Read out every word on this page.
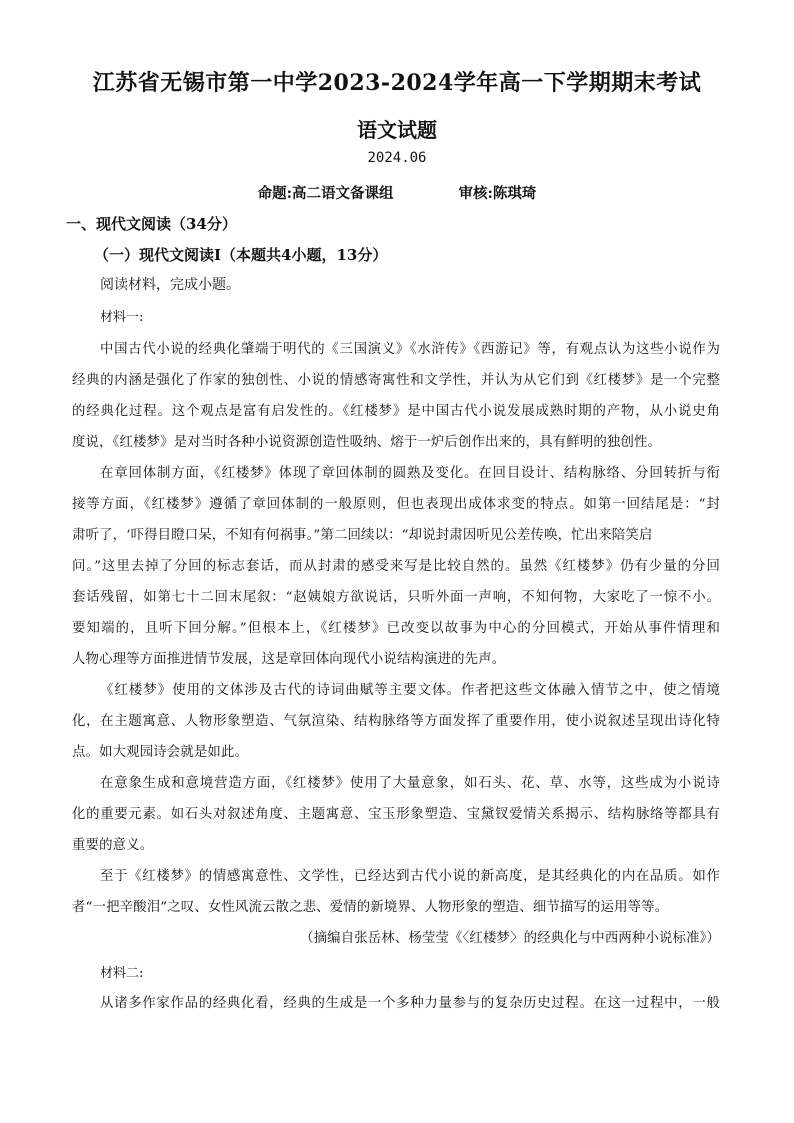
江苏省无锡市第一中学2023-2024学年高一下学期期末考试
语文试题
2024.06
命题:高二语文备课组	审核:陈琪琦
一、现代文阅读（34分）
（一）现代文阅读Ⅰ（本题共4小题，13分）
阅读材料，完成小题。
材料一:
中国古代小说的经典化肇端于明代的《三国演义》《水浒传》《西游记》等，有观点认为这些小说作为
经典的内涵是强化了作家的独创性、小说的情感寄寓性和文学性，并认为从它们到《红楼梦》是一个完整
的经典化过程。这个观点是富有启发性的。《红楼梦》是中国古代小说发展成熟时期的产物，从小说史角
度说，《红楼梦》是对当时各种小说资源创造性吸纳、熔于一炉后创作出来的，具有鲜明的独创性。
在章回体制方面，《红楼梦》体现了章回体制的圆熟及变化。在回目设计、结构脉络、分回转折与衔
接等方面，《红楼梦》遵循了章回体制的一般原则，但也表现出成体求变的特点。如第一回结尾是：“封
肃听了，‘吓得目瞪口呆，不知有何祸事。”第二回续以：“却说封肃因听见公差传唤，忙出来陪笑启
问。”这里去掉了分回的标志套话，而从封肃的感受来写是比较自然的。虽然《红楼梦》仍有少量的分回
套话残留，如第七十二回末尾叙：“赵姨娘方欲说话，只听外面一声响，不知何物，大家吃了一惊不小。
要知端的，且听下回分解。”但根本上，《红楼梦》已改变以故事为中心的分回模式，开始从事件情理和
人物心理等方面推进情节发展，这是章回体向现代小说结构演进的先声。
《红楼梦》使用的文体涉及古代的诗词曲赋等主要文体。作者把这些文体融入情节之中，使之情境
化，在主题寓意、人物形象塑造、气氛渲染、结构脉络等方面发挥了重要作用，使小说叙述呈现出诗化特
点。如大观园诗会就是如此。
在意象生成和意境营造方面，《红楼梦》使用了大量意象，如石头、花、草、水等，这些成为小说诗
化的重要元素。如石头对叙述角度、主题寓意、宝玉形象塑造、宝黛钗爱情关系揭示、结构脉络等都具有
重要的意义。
至于《红楼梦》的情感寓意性、文学性，已经达到古代小说的新高度，是其经典化的内在品质。如作
者“一把辛酸泪”之叹、女性风流云散之悲、爱情的新境界、人物形象的塑造、细节描写的运用等等。
（摘编自张岳林、杨莹莹《〈红楼梦〉的经典化与中西两种小说标准》）
材料二:
从诸多作家作品的经典化看，经典的生成是一个多种力量参与的复杂历史过程。在这一过程中，一般
